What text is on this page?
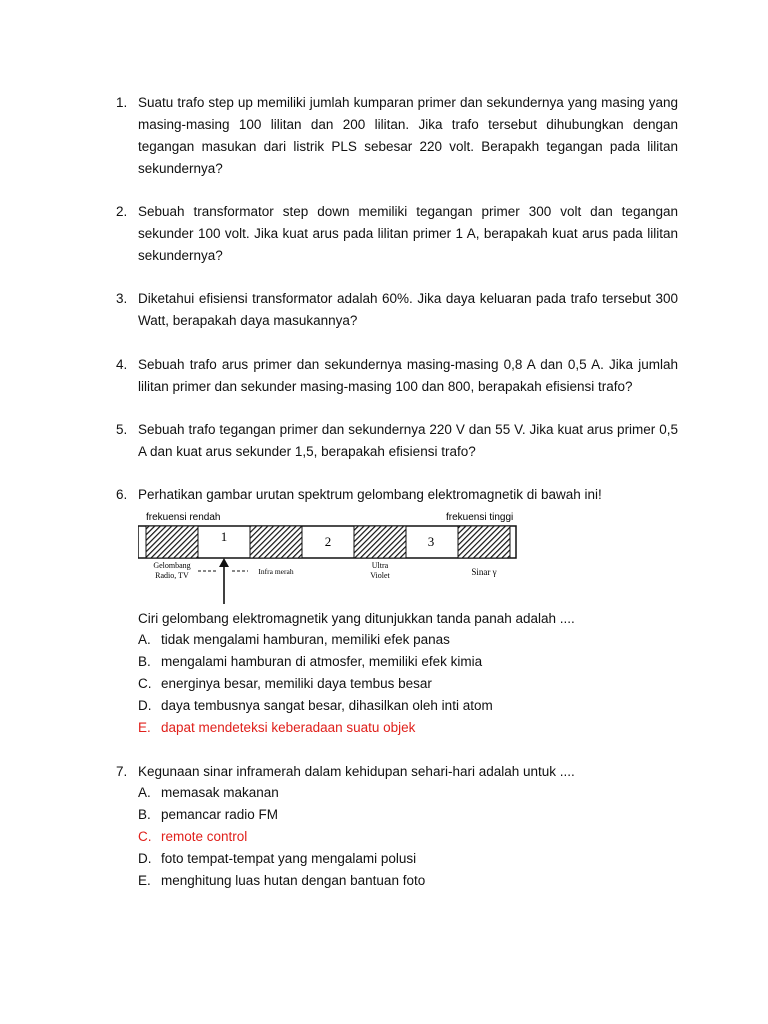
1. Suatu trafo step up memiliki jumlah kumparan primer dan sekundernya yang masing yang masing-masing 100 lilitan dan 200 lilitan. Jika trafo tersebut dihubungkan dengan tegangan masukan dari listrik PLS sebesar 220 volt. Berapakh tegangan pada lilitan sekundernya?
2. Sebuah transformator step down memiliki tegangan primer 300 volt dan tegangan sekunder 100 volt. Jika kuat arus pada lilitan primer 1 A, berapakah kuat arus pada lilitan sekundernya?
3. Diketahui efisiensi transformator adalah 60%. Jika daya keluaran pada trafo tersebut 300 Watt, berapakah daya masukannya?
4. Sebuah trafo arus primer dan sekundernya masing-masing 0,8 A dan 0,5 A. Jika jumlah lilitan primer dan sekunder masing-masing 100 dan 800, berapakah efisiensi trafo?
5. Sebuah trafo tegangan primer dan sekundernya 220 V dan 55 V. Jika kuat arus primer 0,5 A dan kuat arus sekunder 1,5, berapakah efisiensi trafo?
6. Perhatikan gambar urutan spektrum gelombang elektromagnetik di bawah ini!
frekuensi rendah	frekuensi tinggi
1	2	3
Gelombang
Radio, TV	Infra merah
Ultra
Violet	Sinar γ
Ciri gelombang elektromagnetik yang ditunjukkan tanda panah adalah ....
A. tidak mengalami hamburan, memiliki efek panas
B. mengalami hamburan di atmosfer, memiliki efek kimia
C. energinya besar, memiliki daya tembus besar
D. daya tembusnya sangat besar, dihasilkan oleh inti atom
E. dapat mendeteksi keberadaan suatu objek
7. Kegunaan sinar inframerah dalam kehidupan sehari-hari adalah untuk ....
A. memasak makanan
B. pemancar radio FM
C. remote control
D. foto tempat-tempat yang mengalami polusi
E. menghitung luas hutan dengan bantuan foto
